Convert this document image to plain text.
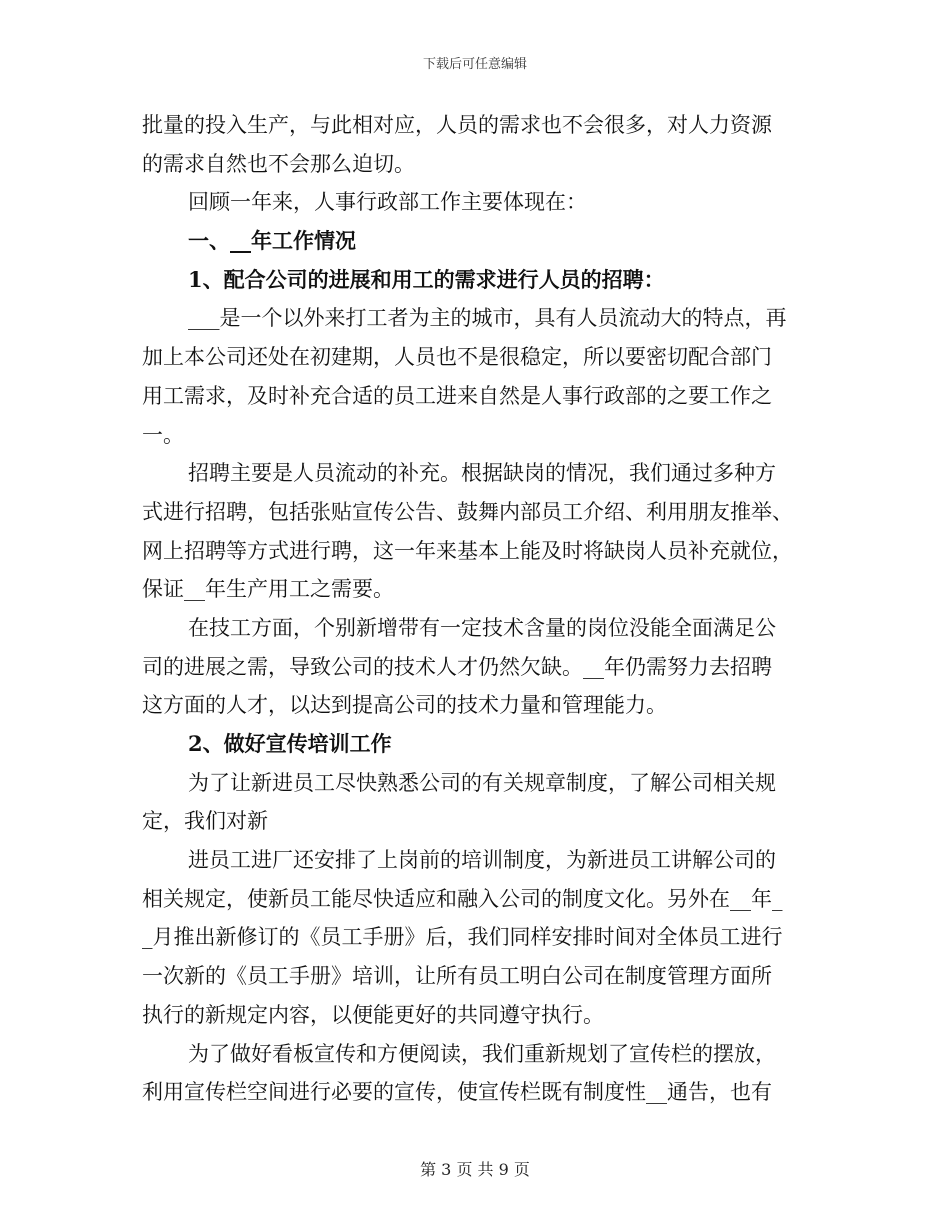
下载后可任意编辑
批量的投入生产，与此相对应，人员的需求也不会很多，对人力资源
的需求自然也不会那么迫切。
回顾一年来，人事行政部工作主要体现在：
一、__年工作情况
1、配合公司的进展和用工的需求进行人员的招聘：
___是一个以外来打工者为主的城市，具有人员流动大的特点，再
加上本公司还处在初建期，人员也不是很稳定，所以要密切配合部门
用工需求，及时补充合适的员工进来自然是人事行政部的之要工作之
一。
招聘主要是人员流动的补充。根据缺岗的情况，我们通过多种方
式进行招聘，包括张贴宣传公告、鼓舞内部员工介绍、利用朋友推举、
网上招聘等方式进行聘，这一年来基本上能及时将缺岗人员补充就位，
保证__年生产用工之需要。
在技工方面，个别新增带有一定技术含量的岗位没能全面满足公
司的进展之需，导致公司的技术人才仍然欠缺。__年仍需努力去招聘
这方面的人才，以达到提高公司的技术力量和管理能力。
2、做好宣传培训工作
为了让新进员工尽快熟悉公司的有关规章制度，了解公司相关规
定，我们对新
进员工进厂还安排了上岗前的培训制度，为新进员工讲解公司的
相关规定，使新员工能尽快适应和融入公司的制度文化。另外在__年_
_月推出新修订的《员工手册》后，我们同样安排时间对全体员工进行
一次新的《员工手册》培训，让所有员工明白公司在制度管理方面所
执行的新规定内容，以便能更好的共同遵守执行。
为了做好看板宣传和方便阅读，我们重新规划了宣传栏的摆放，
利用宣传栏空间进行必要的宣传，使宣传栏既有制度性__通告，也有
第 3 页 共 9 页
